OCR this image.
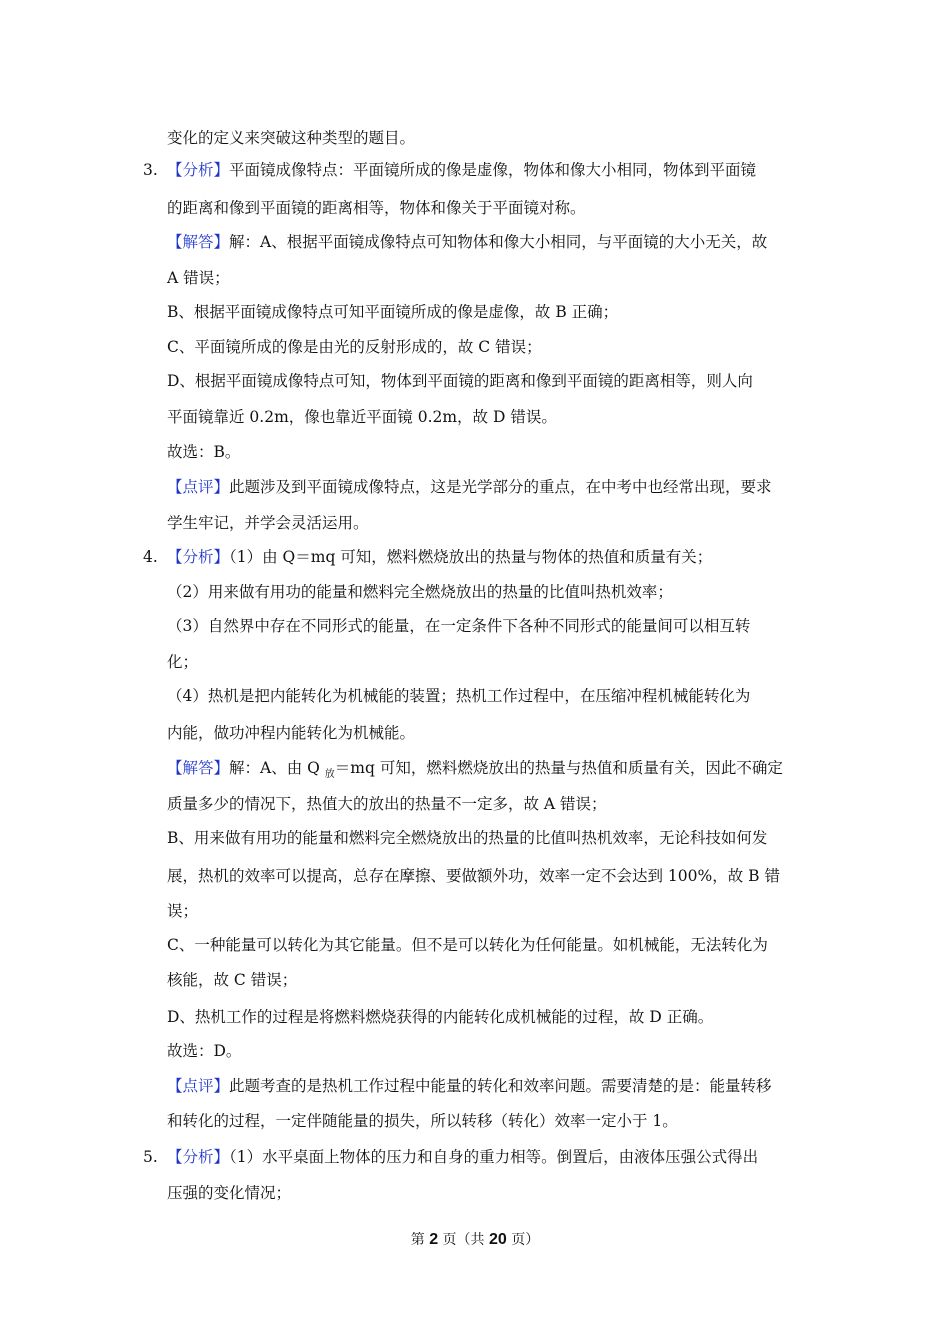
变化的定义来突破这种类型的题目。
3. 【分析】平面镜成像特点：平面镜所成的像是虚像，物体和像大小相同，物体到平面镜
的距离和像到平面镜的距离相等，物体和像关于平面镜对称。
【解答】解：A、根据平面镜成像特点可知物体和像大小相同，与平面镜的大小无关，故
A 错误；
B、根据平面镜成像特点可知平面镜所成的像是虚像，故 B 正确；
C、平面镜所成的像是由光的反射形成的，故 C 错误；
D、根据平面镜成像特点可知，物体到平面镜的距离和像到平面镜的距离相等，则人向
平面镜靠近 0.2m，像也靠近平面镜 0.2m，故 D 错误。
故选：B。
【点评】此题涉及到平面镜成像特点，这是光学部分的重点，在中考中也经常出现，要求
学生牢记，并学会灵活运用。
4. 【分析】（1）由 Q＝mq 可知，燃料燃烧放出的热量与物体的热值和质量有关；
（2）用来做有用功的能量和燃料完全燃烧放出的热量的比值叫热机效率；
（3）自然界中存在不同形式的能量，在一定条件下各种不同形式的能量间可以相互转
化；
（4）热机是把内能转化为机械能的装置；热机工作过程中，在压缩冲程机械能转化为
内能，做功冲程内能转化为机械能。
【解答】解：A、由 Q $_放$＝mq 可知，燃料燃烧放出的热量与热值和质量有关，因此不确定
质量多少的情况下，热值大的放出的热量不一定多，故 A 错误；
B、用来做有用功的能量和燃料完全燃烧放出的热量的比值叫热机效率，无论科技如何发
展，热机的效率可以提高，总存在摩擦、要做额外功，效率一定不会达到 100%，故 B 错
误；
C、一种能量可以转化为其它能量。但不是可以转化为任何能量。如机械能，无法转化为
核能，故 C 错误；
D、热机工作的过程是将燃料燃烧获得的内能转化成机械能的过程，故 D 正确。
故选：D。
【点评】此题考查的是热机工作过程中能量的转化和效率问题。需要清楚的是：能量转移
和转化的过程，一定伴随能量的损失，所以转移（转化）效率一定小于 1。
5. 【分析】（1）水平桌面上物体的压力和自身的重力相等。倒置后，由液体压强公式得出
压强的变化情况；
第 2 页（共 20 页）
